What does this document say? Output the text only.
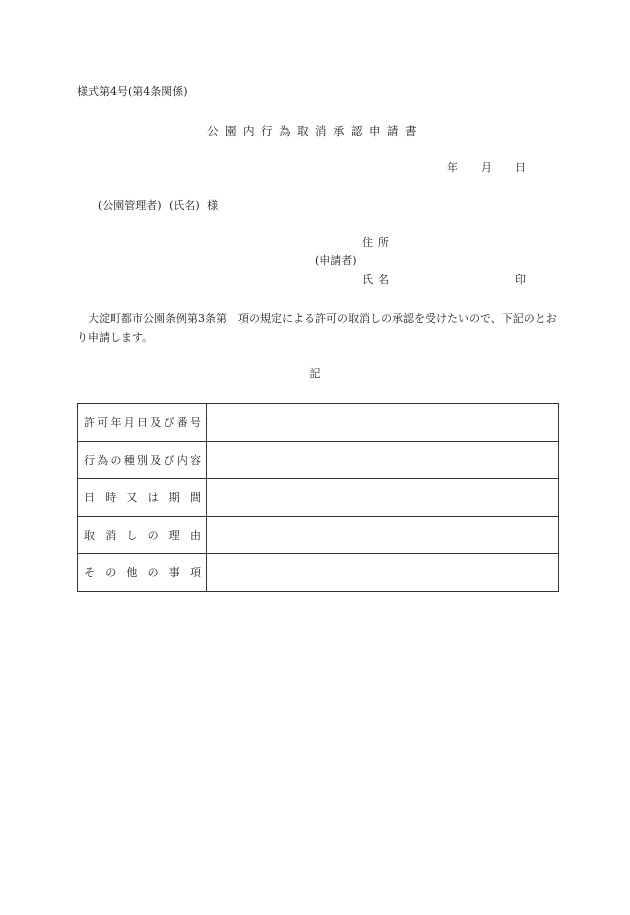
様式第4号(第4条関係)
公園内行為取消承認申請書
年 月 日
(公園管理者) (氏名) 様
住所
(申請者)
氏名	印
大淀町都市公園条例第3条第　項の規定による許可の取消しの承認を受けたいので、下記のとおり申請します。
記
許可年月日及び番号	
行為の種別及び内容	
日時又は期間	
取消しの理由	
その他の事項	
